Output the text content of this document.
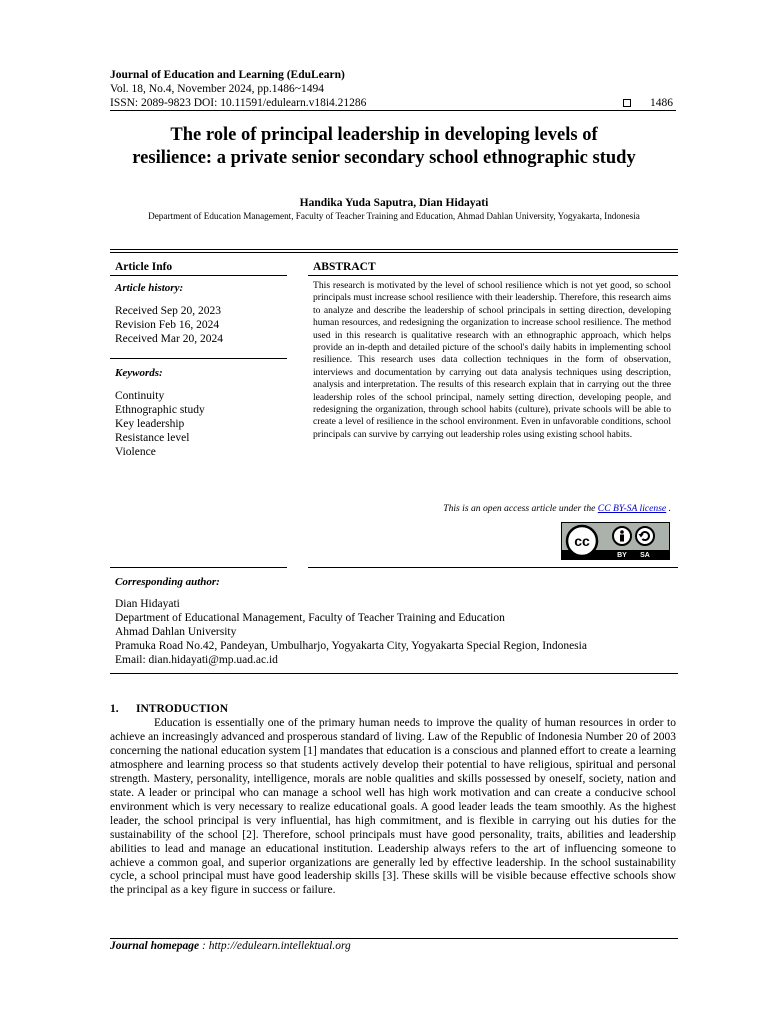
Journal of Education and Learning (EduLearn)
Vol. 18, No.4, November 2024, pp.1486~1494
ISSN: 2089-9823 DOI: 10.11591/edulearn.v18i4.21286	1486
The role of principal leadership in developing levels of
resilience: a private senior secondary school ethnographic study
Handika Yuda Saputra, Dian Hidayati
Department of Education Management, Faculty of Teacher Training and Education, Ahmad Dahlan University, Yogyakarta, Indonesia
Article Info
Article history:
Received Sep 20, 2023
Revision Feb 16, 2024
Received Mar 20, 2024
Keywords:
Continuity
Ethnographic study
Key leadership
Resistance level
Violence
ABSTRACT
This research is motivated by the level of school resilience which is not yet good, so school principals must increase school resilience with their leadership. Therefore, this research aims to analyze and describe the leadership of school principals in setting direction, developing human resources, and redesigning the organization to increase school resilience. The method used in this research is qualitative research with an ethnographic approach, which helps provide an in-depth and detailed picture of the school's daily habits in implementing school resilience. This research uses data collection techniques in the form of observation, interviews and documentation by carrying out data analysis techniques using description, analysis and interpretation. The results of this research explain that in carrying out the three leadership roles of the school principal, namely setting direction, developing people, and redesigning the organization, through school habits (culture), private schools will be able to create a level of resilience in the school environment. Even in unfavorable conditions, school principals can survive by carrying out leadership roles using existing school habits.
This is an open access article under the CC BY-SA license .
cc
BY SA
Corresponding author:
Dian Hidayati
Department of Educational Management, Faculty of Teacher Training and Education
Ahmad Dahlan University
Pramuka Road No.42, Pandeyan, Umbulharjo, Yogyakarta City, Yogyakarta Special Region, Indonesia
Email: dian.hidayati@mp.uad.ac.id
1. INTRODUCTION
Education is essentially one of the primary human needs to improve the quality of human resources in order to achieve an increasingly advanced and prosperous standard of living. Law of the Republic of Indonesia Number 20 of 2003 concerning the national education system [1] mandates that education is a conscious and planned effort to create a learning atmosphere and learning process so that students actively develop their potential to have religious, spiritual and personal strength. Mastery, personality, intelligence, morals are noble qualities and skills possessed by oneself, society, nation and state. A leader or principal who can manage a school well has high work motivation and can create a conducive school environment which is very necessary to realize educational goals. A good leader leads the team smoothly. As the highest leader, the school principal is very influential, has high commitment, and is flexible in carrying out his duties for the sustainability of the school [2]. Therefore, school principals must have good personality, traits, abilities and leadership abilities to lead and manage an educational institution. Leadership always refers to the art of influencing someone to achieve a common goal, and superior organizations are generally led by effective leadership. In the school sustainability cycle, a school principal must have good leadership skills [3]. These skills will be visible because effective schools show the principal as a key figure in success or failure.
Journal homepage : http://edulearn.intellektual.org
